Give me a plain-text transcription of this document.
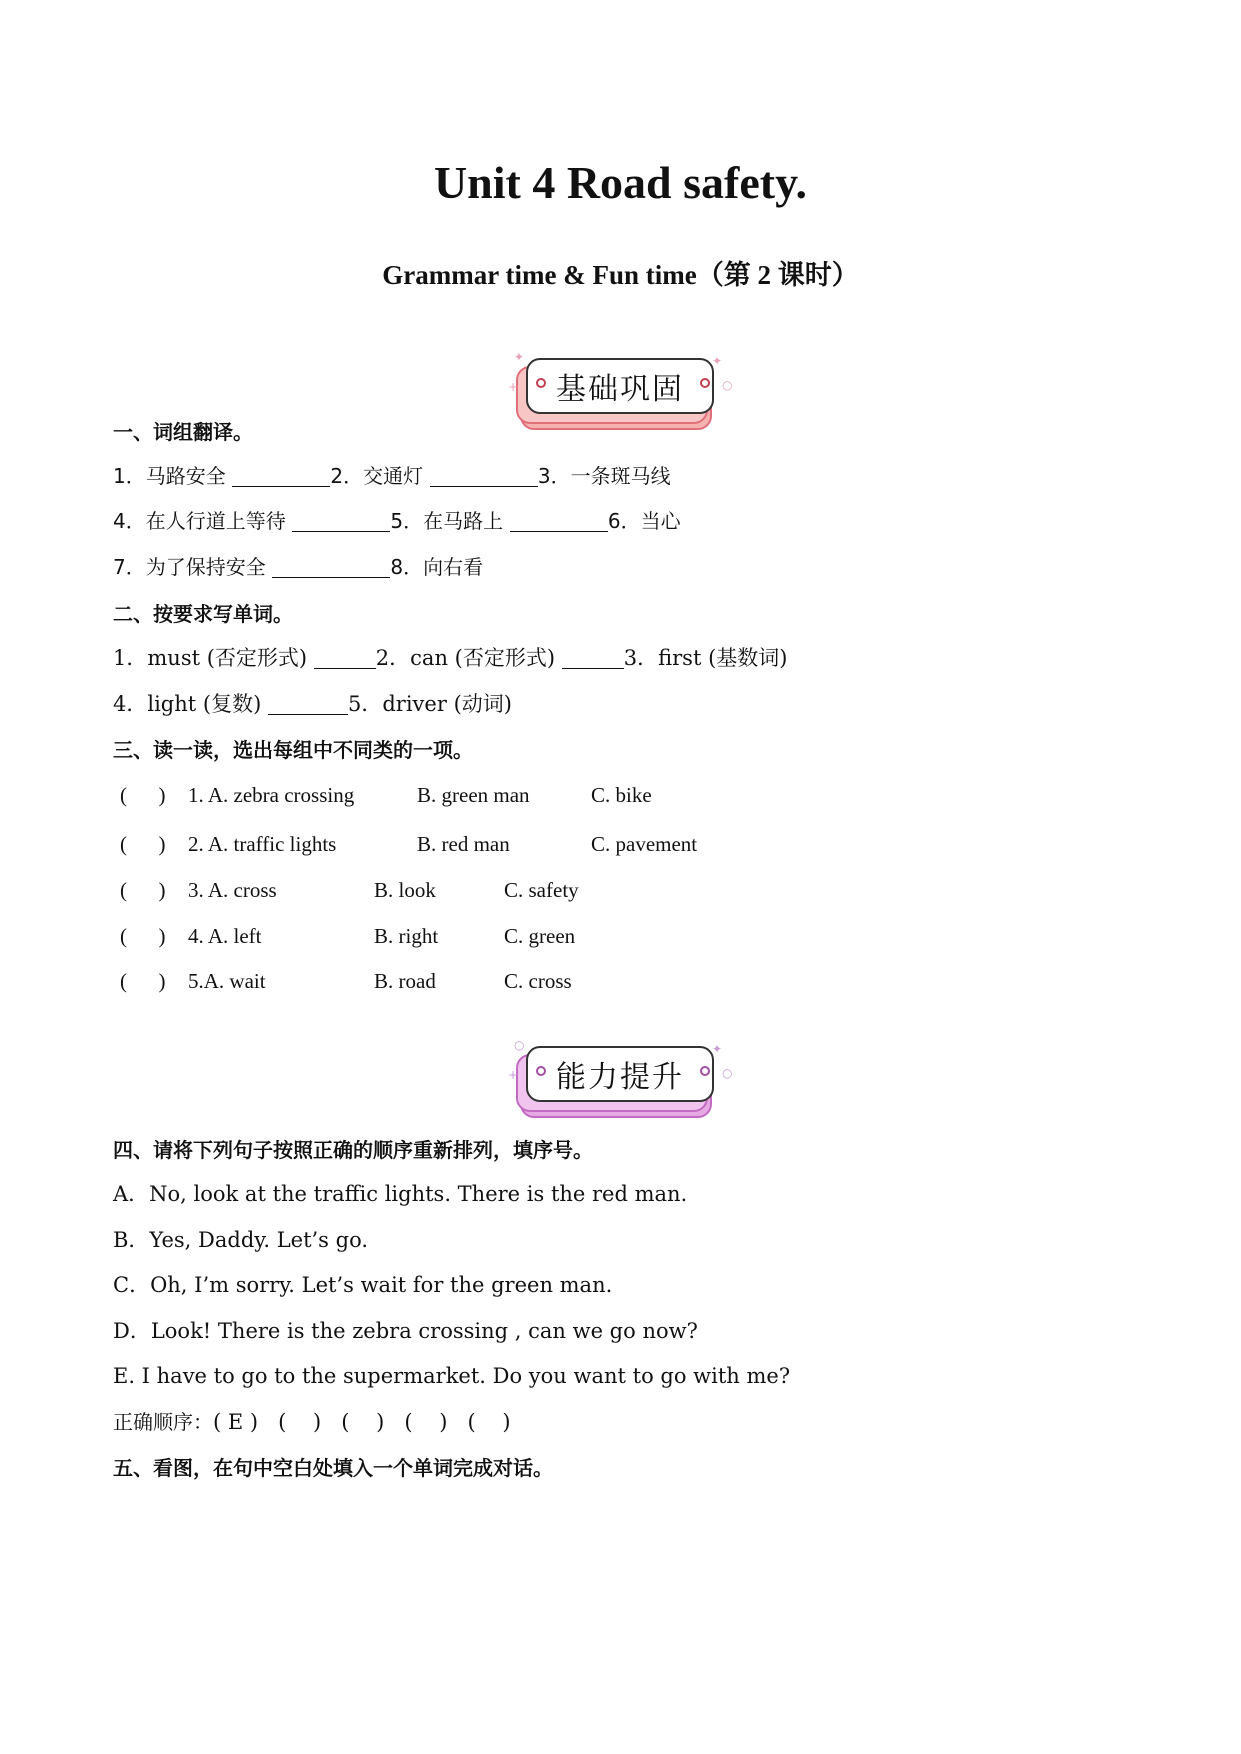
Unit 4 Road safety.
Grammar time & Fun time（第 2 课时）
基础巩固
✦
+
✦
○
一、词组翻译。
1．马路安全	2．交通灯	3．一条斑马线
4．在人行道上等待	5．在马路上	6．当心
7．为了保持安全	8．向右看
二、按要求写单词。
1．must (否定形式)	2．can (否定形式)	3．first (基数词)
4．light (复数)	5．driver (动词)
三、读一读，选出每组中不同类的一项。
(      ) 1. A. zebra crossing	B. green man	C. bike
(      ) 2. A. traffic lights	B. red man	C. pavement
(      ) 3. A. cross	B. look	C. safety
(      ) 4. A. left	B. right	C. green
(      ) 5.A. wait	B. road	C. cross
能力提升
○
+
✦
○
四、请将下列句子按照正确的顺序重新排列，填序号。
A．No, look at the traffic lights. There is the red man.
B．Yes, Daddy. Let’s go.
C．Oh, I’m sorry. Let’s wait for the green man.
D．Look! There is the zebra crossing , can we go now?
E. I have to go to the supermarket. Do you want to go with me?
正确顺序：( E ) (    )   (    )   (    )   (    )
五、看图，在句中空白处填入一个单词完成对话。
